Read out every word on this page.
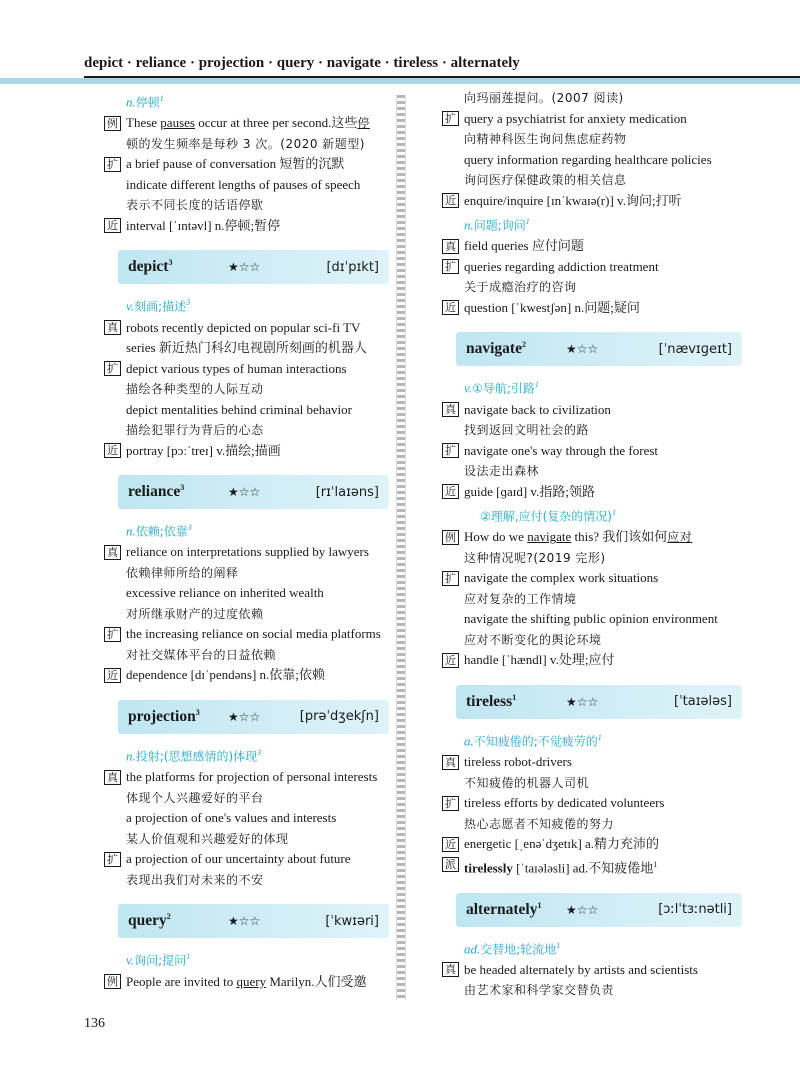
depict · reliance · projection · query · navigate · tireless · alternately
n.停顿$^1$
例 These pauses occur at three per second.这些停
顿的发生频率是每秒 3 次。(2020 新题型)
扩 a brief pause of conversation 短暂的沉默
indicate different lengths of pauses of speech
表示不同长度的话语停歇
近 interval [ˈɪntəvl] n.停顿;暂停
depict$^3$	★☆☆	[dɪˈpɪkt]
v.刻画;描述$^3$
真 robots recently depicted on popular sci-fi TV
series 新近热门科幻电视剧所刻画的机器人
扩 depict various types of human interactions
描绘各种类型的人际互动
depict mentalities behind criminal behavior
描绘犯罪行为背后的心态
近 portray [pɔːˈtreɪ] v.描绘;描画
reliance$^3$	★☆☆	[rɪˈlaɪəns]
n.依赖;依靠$^3$
真 reliance on interpretations supplied by lawyers
依赖律师所给的阐释
excessive reliance on inherited wealth
对所继承财产的过度依赖
扩 the increasing reliance on social media platforms
对社交媒体平台的日益依赖
近 dependence [dɪˈpendəns] n.依靠;依赖
projection$^3$	★☆☆	[prəˈdʒekʃn]
n.投射;(思想感情的)体现$^3$
真 the platforms for projection of personal interests
体现个人兴趣爱好的平台
a projection of one's values and interests
某人价值观和兴趣爱好的体现
扩 a projection of our uncertainty about future
表现出我们对未来的不安
query$^2$	★☆☆	[ˈkwɪəri]
v.询问;提问$^1$
例 People are invited to query Marilyn.人们受邀
向玛丽莲提问。(2007 阅读)
扩 query a psychiatrist for anxiety medication
向精神科医生询问焦虑症药物
query information regarding healthcare policies
询问医疗保健政策的相关信息
近 enquire/inquire [ɪnˈkwaɪə(r)] v.询问;打听
n.问题;询问$^1$
真 field queries 应付问题
扩 queries regarding addiction treatment
关于成瘾治疗的咨询
近 question [ˈkwestʃən] n.问题;疑问
navigate$^2$	★☆☆	[ˈnævɪɡeɪt]
v.①导航;引路$^1$
真 navigate back to civilization
找到返回文明社会的路
扩 navigate one's way through the forest
设法走出森林
近 guide [ɡaɪd] v.指路;领路
②理解,应付(复杂的情况)$^1$
例 How do we navigate this? 我们该如何应对
这种情况呢?(2019 完形)
扩 navigate the complex work situations
应对复杂的工作情境
navigate the shifting public opinion environment
应对不断变化的舆论环境
近 handle [ˈhændl] v.处理;应付
tireless$^1$	★☆☆	[ˈtaɪələs]
a.不知疲倦的;不觉疲劳的$^1$
真 tireless robot-drivers
不知疲倦的机器人司机
扩 tireless efforts by dedicated volunteers
热心志愿者不知疲倦的努力
近 energetic [ˌenəˈdʒetɪk] a.精力充沛的
派 tirelessly [ˈtaɪələsli] ad.不知疲倦地$^1$
alternately$^1$	★☆☆	[ɔːlˈtɜːnətli]
ad.交替地;轮流地$^1$
真 be headed alternately by artists and scientists
由艺术家和科学家交替负责
136
